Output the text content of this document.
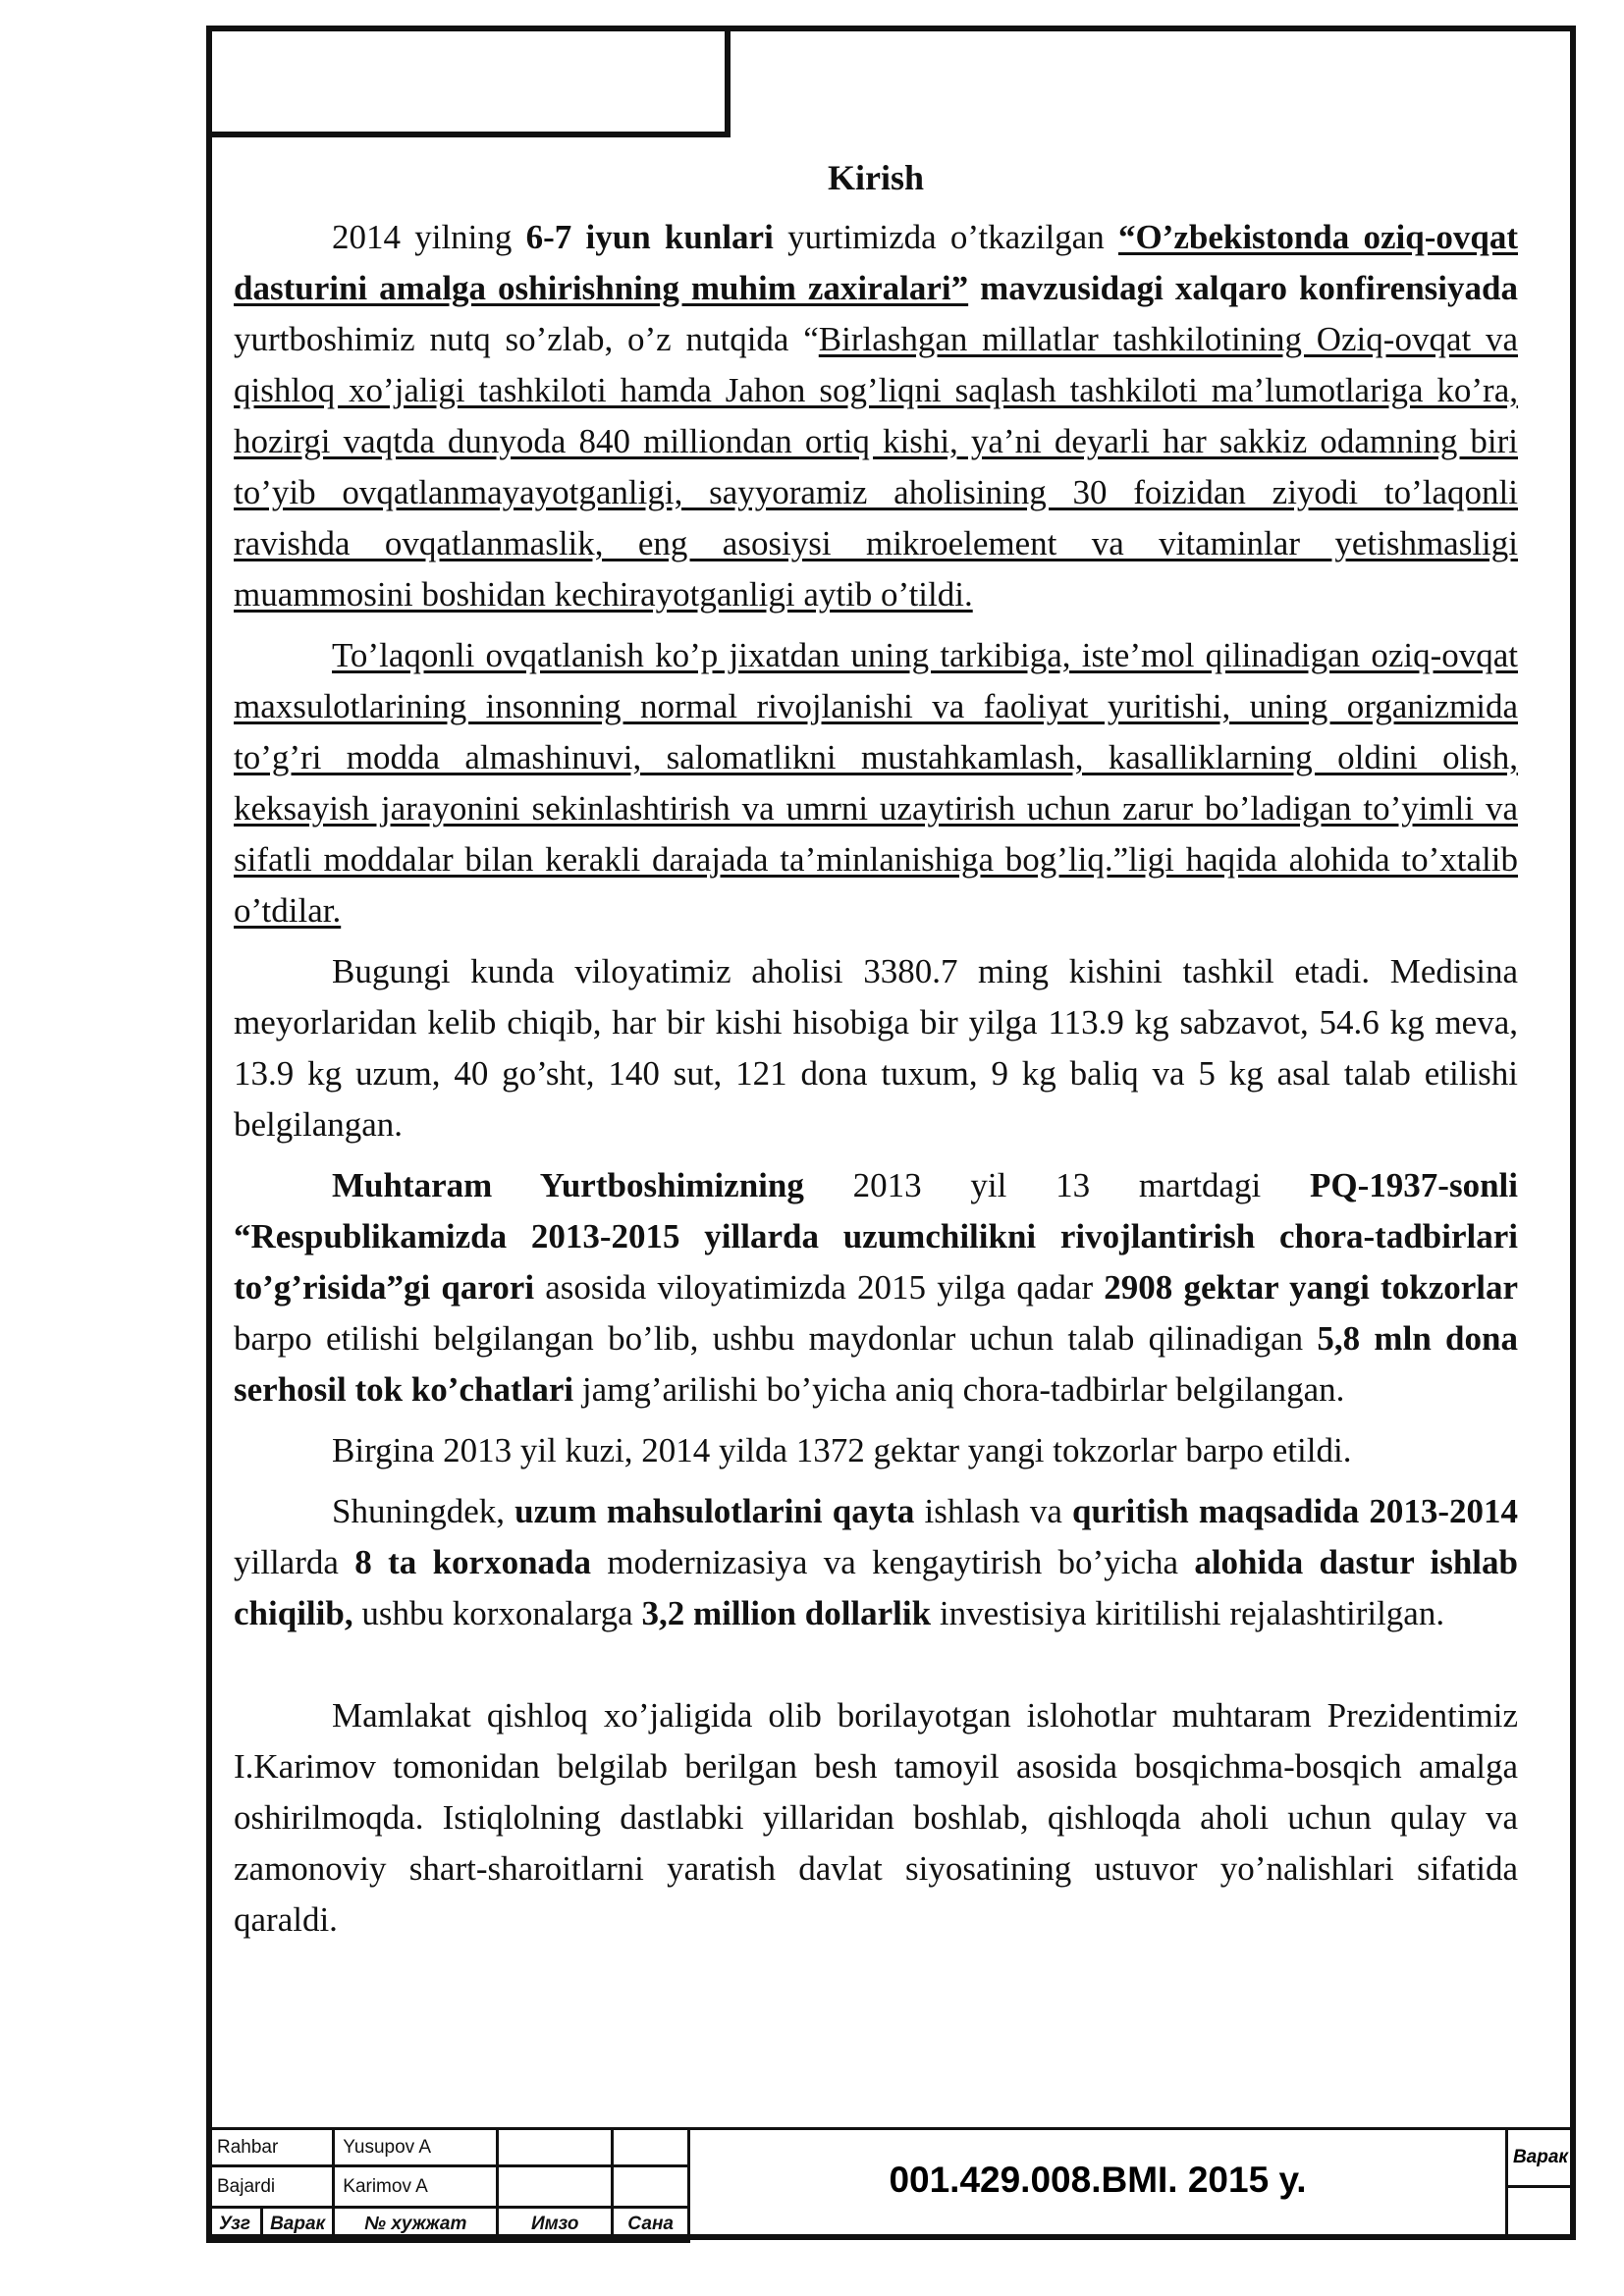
Kirish

2014 yilning 6-7 iyun kunlari yurtimizda o’tkazilgan “O’zbekistonda oziq-ovqat dasturini amalga oshirishning muhim zaxiralari” mavzusidagi xalqaro konfirensiyada yurtboshimiz nutq so’zlab, o’z nutqida “Birlashgan millatlar tashkilotining Oziq-ovqat va qishloq xo’jaligi tashkiloti hamda Jahon sog’liqni saqlash tashkiloti ma’lumotlariga ko’ra, hozirgi vaqtda dunyoda 840 milliondan ortiq kishi, ya’ni deyarli har sakkiz odamning biri to’yib ovqatlanmayayotganligi, sayyoramiz aholisining 30 foizidan ziyodi to’laqonli ravishda ovqatlanmaslik, eng asosiysi mikroelement va vitaminlar yetishmasligi muammosini boshidan kechirayotganligi aytib o’tildi.

To’laqonli ovqatlanish ko’p jixatdan uning tarkibiga, iste’mol qilinadigan oziq-ovqat maxsulotlarining insonning normal rivojlanishi va faoliyat yuritishi, uning organizmida to’g’ri modda almashinuvi, salomatlikni mustahkamlash, kasalliklarning oldini olish, keksayish jarayonini sekinlashtirish va umrni uzaytirish uchun zarur bo’ladigan to’yimli va sifatli moddalar bilan kerakli darajada ta’minlanishiga bog’liq.”ligi haqida alohida to’xtalib o’tdilar.

Bugungi kunda viloyatimiz aholisi 3380.7 ming kishini tashkil etadi. Medisina meyorlaridan kelib chiqib, har bir kishi hisobiga bir yilga 113.9 kg sabzavot, 54.6 kg meva, 13.9 kg uzum, 40 go’sht, 140 sut, 121 dona tuxum, 9 kg baliq va 5 kg asal talab etilishi belgilangan.

Muhtaram Yurtboshimizning 2013 yil 13 martdagi PQ-1937-sonli “Respublikamizda 2013-2015 yillarda uzumchilikni rivojlantirish chora-tadbirlari to’g’risida”gi qarori asosida viloyatimizda 2015 yilga qadar 2908 gektar yangi tokzorlar barpo etilishi belgilangan bo’lib, ushbu maydonlar uchun talab qilinadigan 5,8 mln dona serhosil tok ko’chatlari jamg’arilishi bo’yicha aniq chora-tadbirlar belgilangan.

Birgina 2013 yil kuzi, 2014 yilda 1372 gektar yangi tokzorlar barpo etildi.

Shuningdek, uzum mahsulotlarini qayta ishlash va quritish maqsadida 2013-2014 yillarda 8 ta korxonada modernizasiya va kengaytirish bo’yicha alohida dastur ishlab chiqilib, ushbu korxonalarga 3,2 million dollarlik investisiya kiritilishi rejalashtirilgan.

Mamlakat qishloq xo’jaligida olib borilayotgan islohotlar muhtaram Prezidentimiz I.Karimov tomonidan belgilab berilgan besh tamoyil asosida bosqichma-bosqich amalga oshirilmoqda. Istiqlolning dastlabki yillaridan boshlab, qishloqda aholi uchun qulay va zamonoviy shart-sharoitlarni yaratish davlat siyosatining ustuvor yo’nalishlari sifatida qaraldi.

Rahbar	Yusupov A		
Bajardi	Karimov A		

Узг Варак	№ хужжат	Имзо	Сана
001.429.008.BMI. 2015 y.
Варак
